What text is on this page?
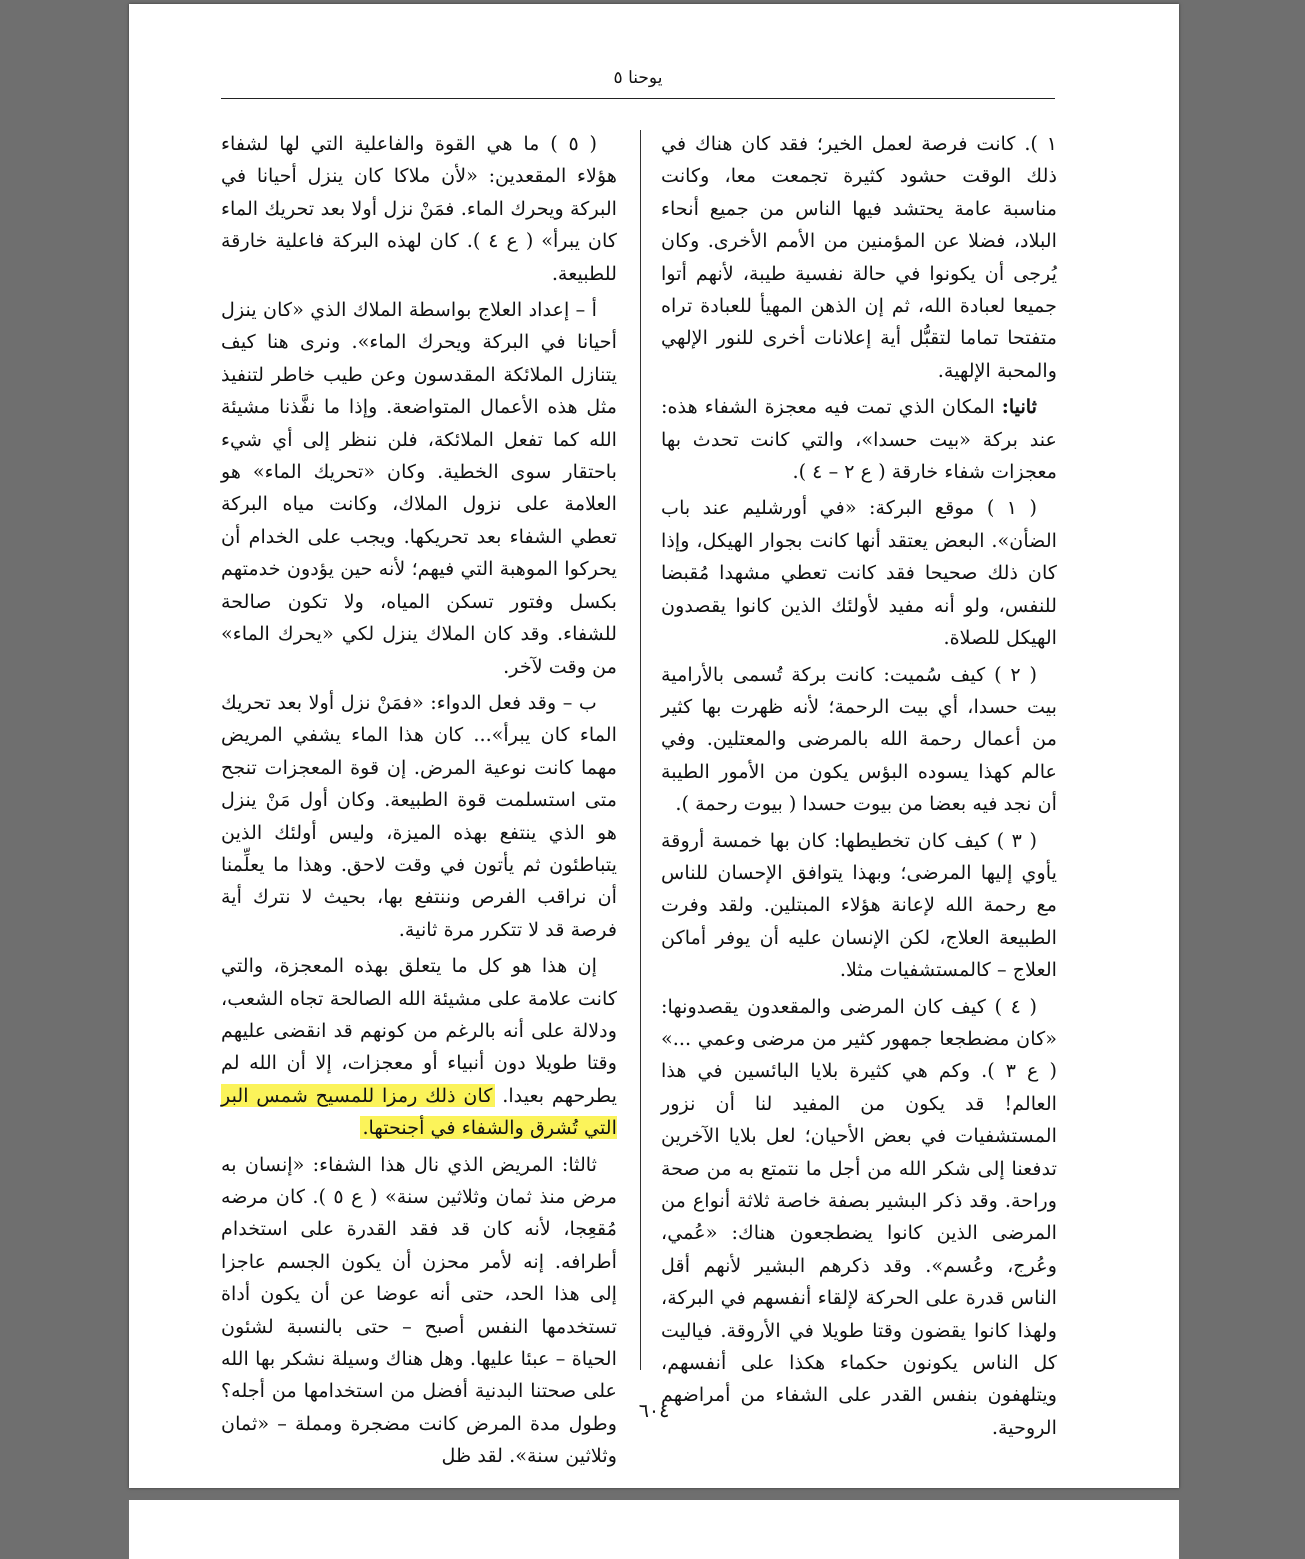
يوحنا ٥

١ ). كانت فرصة لعمل الخير؛ فقد كان هناك في ذلك الوقت حشود كثيرة تجمعت معا، وكانت مناسبة عامة يحتشد فيها الناس من جميع أنحاء البلاد، فضلا عن المؤمنين من الأمم الأخرى. وكان يُرجى أن يكونوا في حالة نفسية طيبة، لأنهم أتوا جميعا لعبادة الله، ثم إن الذهن المهيأ للعبادة تراه متفتحا تماما لتقبُّل أية إعلانات أخرى للنور الإلهي والمحبة الإلهية.

ثانيا: المكان الذي تمت فيه معجزة الشفاء هذه: عند بركة «بيت حسدا»، والتي كانت تحدث بها معجزات شفاء خارقة ( ع ٢ – ٤ ).

( ١ ) موقع البركة: «في أورشليم عند باب الضأن». البعض يعتقد أنها كانت بجوار الهيكل، وإذا كان ذلك صحيحا فقد كانت تعطي مشهدا مُقبضا للنفس، ولو أنه مفيد لأولئك الذين كانوا يقصدون الهيكل للصلاة.

( ٢ ) كيف سُميت: كانت بركة تُسمى بالأرامية بيت حسدا، أي بيت الرحمة؛ لأنه ظهرت بها كثير من أعمال رحمة الله بالمرضى والمعتلين. وفي عالم كهذا يسوده البؤس يكون من الأمور الطيبة أن نجد فيه بعضا من بيوت حسدا ( بيوت رحمة ).

( ٣ ) كيف كان تخطيطها: كان بها خمسة أروقة يأوي إليها المرضى؛ وبهذا يتوافق الإحسان للناس مع رحمة الله لإعانة هؤلاء المبتلين. ولقد وفرت الطبيعة العلاج، لكن الإنسان عليه أن يوفر أماكن العلاج – كالمستشفيات مثلا.

( ٤ ) كيف كان المرضى والمقعدون يقصدونها: «كان مضطجعا جمهور كثير من مرضى وعمي ...» ( ع ٣ ). وكم هي كثيرة بلايا البائسين في هذا العالم! قد يكون من المفيد لنا أن نزور المستشفيات في بعض الأحيان؛ لعل بلايا الآخرين تدفعنا إلى شكر الله من أجل ما نتمتع به من صحة وراحة. وقد ذكر البشير بصفة خاصة ثلاثة أنواع من المرضى الذين كانوا يضطجعون هناك: «عُمي، وعُرج، وعُسم». وقد ذكرهم البشير لأنهم أقل الناس قدرة على الحركة لإلقاء أنفسهم في البركة، ولهذا كانوا يقضون وقتا طويلا في الأروقة. فياليت كل الناس يكونون حكماء هكذا على أنفسهم، ويتلهفون بنفس القدر على الشفاء من أمراضهم الروحية.

( ٥ ) ما هي القوة والفاعلية التي لها لشفاء هؤلاء المقعدين: «لأن ملاكا كان ينزل أحيانا في البركة ويحرك الماء. فمَنْ نزل أولا بعد تحريك الماء كان يبرأ» ( ع ٤ ). كان لهذه البركة فاعلية خارقة للطبيعة.

أ – إعداد العلاج بواسطة الملاك الذي «كان ينزل أحيانا في البركة ويحرك الماء». ونرى هنا كيف يتنازل الملائكة المقدسون وعن طيب خاطر لتنفيذ مثل هذه الأعمال المتواضعة. وإذا ما نفَّذنا مشيئة الله كما تفعل الملائكة، فلن ننظر إلى أي شيء باحتقار سوى الخطية. وكان «تحريك الماء» هو العلامة على نزول الملاك، وكانت مياه البركة تعطي الشفاء بعد تحريكها. ويجب على الخدام أن يحركوا الموهبة التي فيهم؛ لأنه حين يؤدون خدمتهم بكسل وفتور تسكن المياه، ولا تكون صالحة للشفاء. وقد كان الملاك ينزل لكي «يحرك الماء» من وقت لآخر.

ب – وقد فعل الدواء: «فمَنْ نزل أولا بعد تحريك الماء كان يبرأ»... كان هذا الماء يشفي المريض مهما كانت نوعية المرض. إن قوة المعجزات تنجح متى استسلمت قوة الطبيعة. وكان أول مَنْ ينزل هو الذي ينتفع بهذه الميزة، وليس أولئك الذين يتباطئون ثم يأتون في وقت لاحق. وهذا ما يعلِّمنا أن نراقب الفرص وننتفع بها، بحيث لا نترك أية فرصة قد لا تتكرر مرة ثانية.

إن هذا هو كل ما يتعلق بهذه المعجزة، والتي كانت علامة على مشيئة الله الصالحة تجاه الشعب، ودلالة على أنه بالرغم من كونهم قد انقضى عليهم وقتا طويلا دون أنبياء أو معجزات، إلا أن الله لم يطرحهم بعيدا. كان ذلك رمزا للمسيح شمس البر التي تُشرق والشفاء في أجنحتها.

ثالثا: المريض الذي نال هذا الشفاء: «إنسان به مرض منذ ثمان وثلاثين سنة» ( ع ٥ ). كان مرضه مُقعِجا، لأنه كان قد فقد القدرة على استخدام أطرافه. إنه لأمر محزن أن يكون الجسم عاجزا إلى هذا الحد، حتى أنه عوضا عن أن يكون أداة تستخدمها النفس أصبح – حتى بالنسبة لشئون الحياة – عبئا عليها. وهل هناك وسيلة نشكر بها الله على صحتنا البدنية أفضل من استخدامها من أجله؟ وطول مدة المرض كانت مضجرة ومملة – «ثمان وثلاثين سنة». لقد ظل

٦٠٤
